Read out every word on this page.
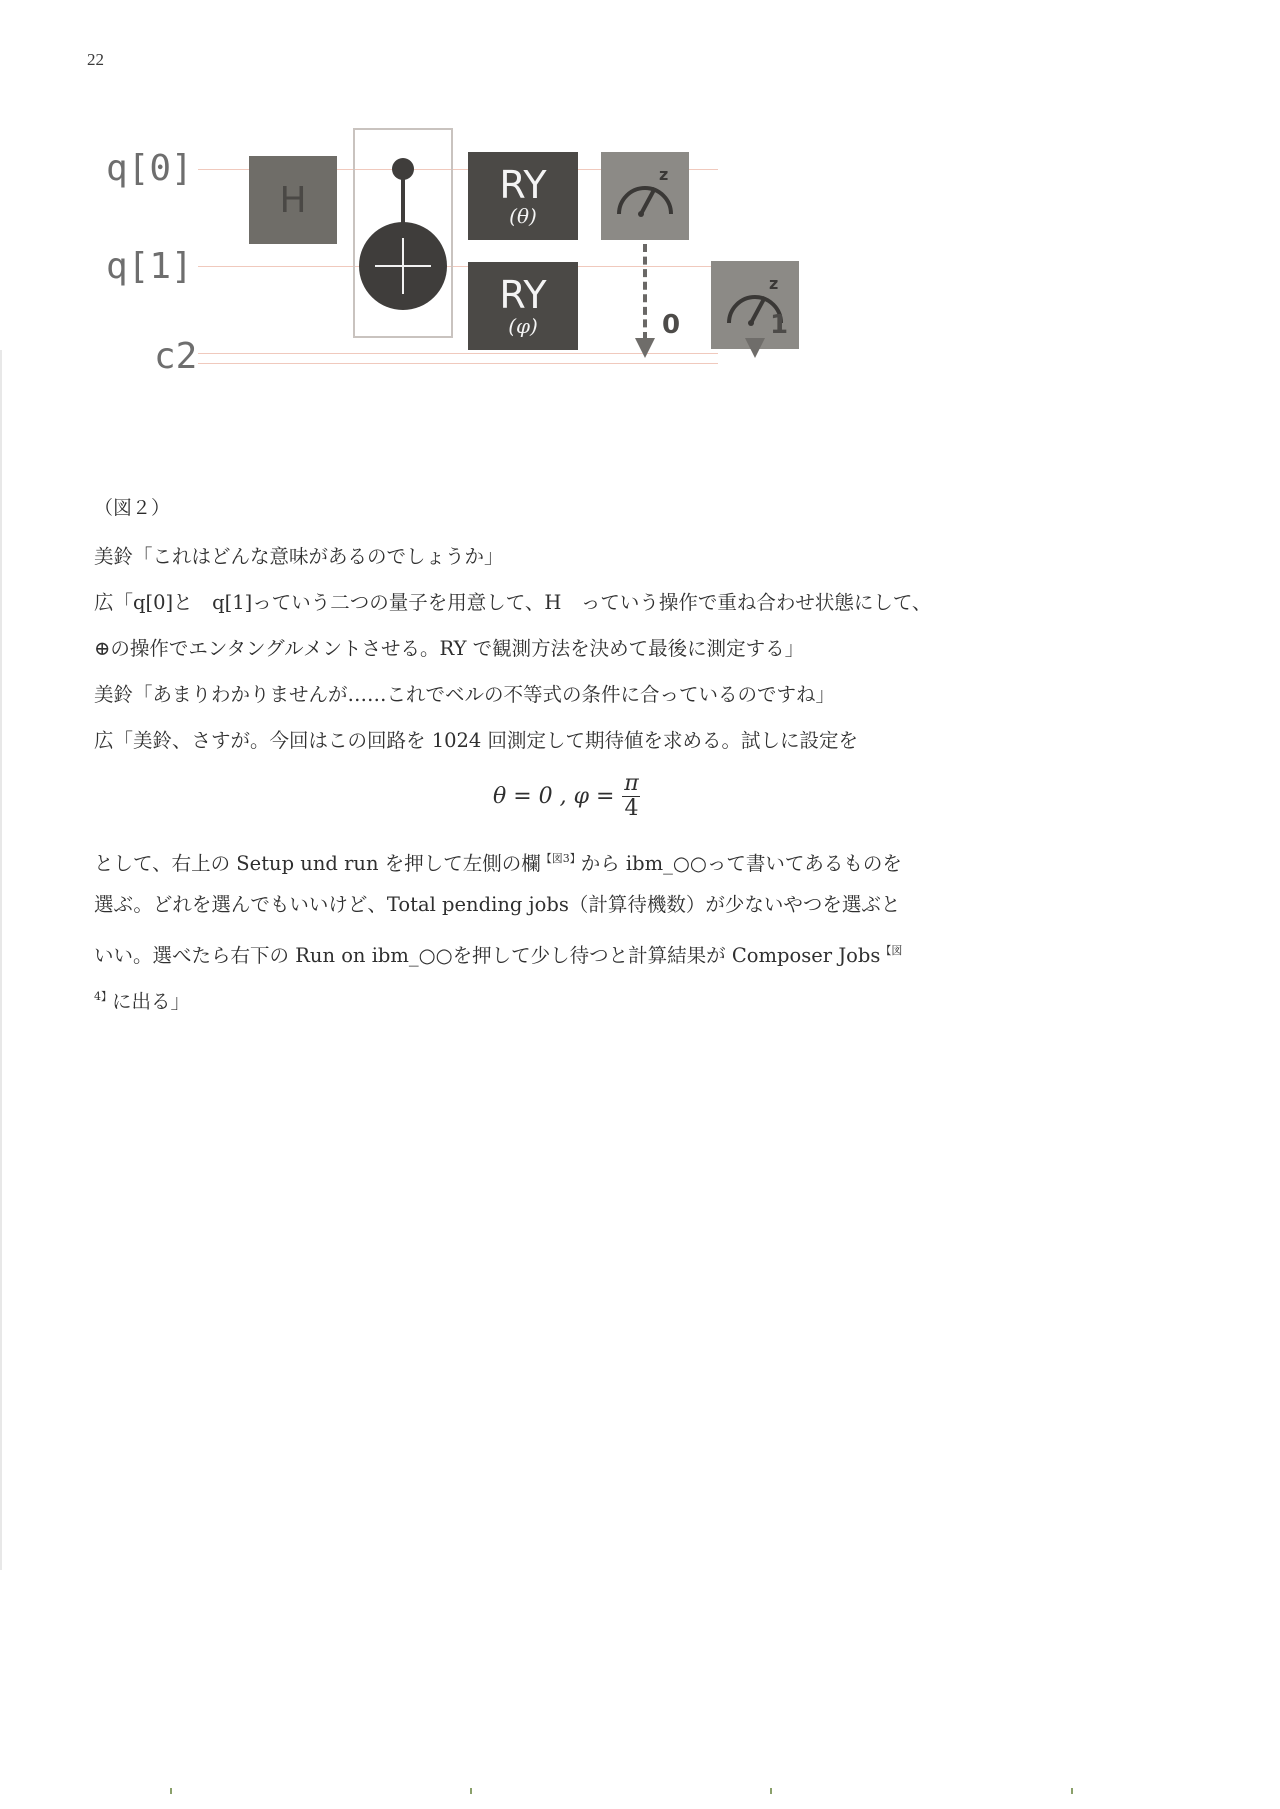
22
q[0]
q[1]
c2
H	RY
(θ)
RY
(φ)
z
z
0	1
（図２）
美鈴「これはどんな意味があるのでしょうか」
広「q[0]と　q[1]っていう二つの量子を用意して、H　っていう操作で重ね合わせ状態にして、
⊕の操作でエンタングルメントさせる。RY で観測方法を決めて最後に測定する」
美鈴「あまりわかりませんが……これでベルの不等式の条件に合っているのですね」
広「美鈴、さすが。今回はこの回路を 1024 回測定して期待値を求める。試しに設定を
θ = 0 , $\varphi = \frac{\pi}{4}$
として、右上の Setup und run を押して左側の欄$^{【図3】}$から ibm_○○って書いてあるものを
選ぶ。どれを選んでもいいけど、Total pending jobs（計算待機数）が少ないやつを選ぶと
いい。選べたら右下の Run on ibm_○○を押して少し待つと計算結果が Composer Jobs$^{【図}$
$^{4】}$に出る」
